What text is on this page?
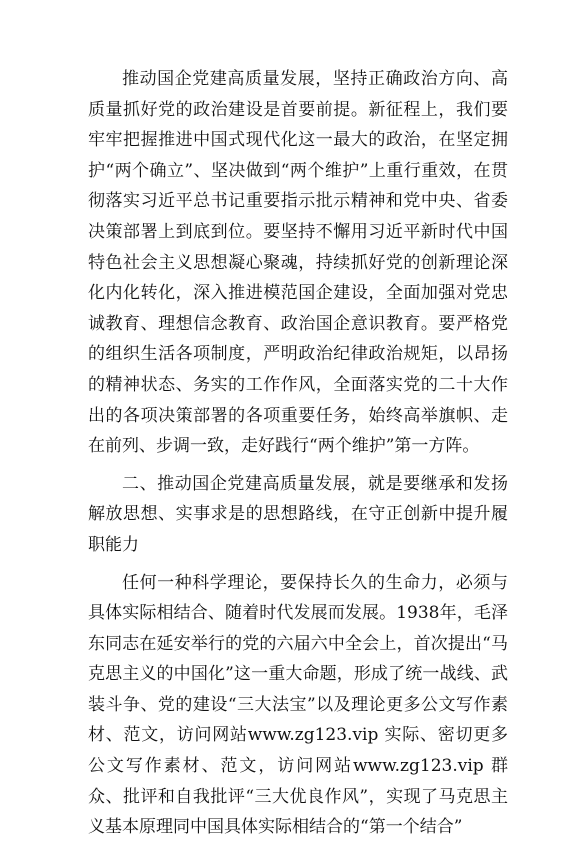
推动国企党建高质量发展，坚持正确政治方向、高质量抓好党的政治建设是首要前提。新征程上，我们要牢牢把握推进中国式现代化这一最大的政治，在坚定拥护“两个确立”、坚决做到“两个维护”上重行重效，在贯彻落实习近平总书记重要指示批示精神和党中央、省委决策部署上到底到位。要坚持不懈用习近平新时代中国特色社会主义思想凝心聚魂，持续抓好党的创新理论深化内化转化，深入推进模范国企建设，全面加强对党忠诚教育、理想信念教育、政治国企意识教育。要严格党的组织生活各项制度，严明政治纪律政治规矩，以昂扬的精神状态、务实的工作作风，全面落实党的二十大作出的各项决策部署的各项重要任务，始终高举旗帜、走在前列、步调一致，走好践行“两个维护”第一方阵。

二、推动国企党建高质量发展，就是要继承和发扬解放思想、实事求是的思想路线，在守正创新中提升履职能力

任何一种科学理论，要保持长久的生命力，必须与具体实际相结合、随着时代发展而发展。1938年，毛泽东同志在延安举行的党的六届六中全会上，首次提出“马克思主义的中国化”这一重大命题，形成了统一战线、武装斗争、党的建设“三大法宝”以及理论更多公文写作素材、范文，访问网站www.zg123.vip 实际、密切更多公文写作素材、范文，访问网站www.zg123.vip 群众、批评和自我批评“三大优良作风”，实现了马克思主义基本原理同中国具体实际相结合的“第一个结合”
